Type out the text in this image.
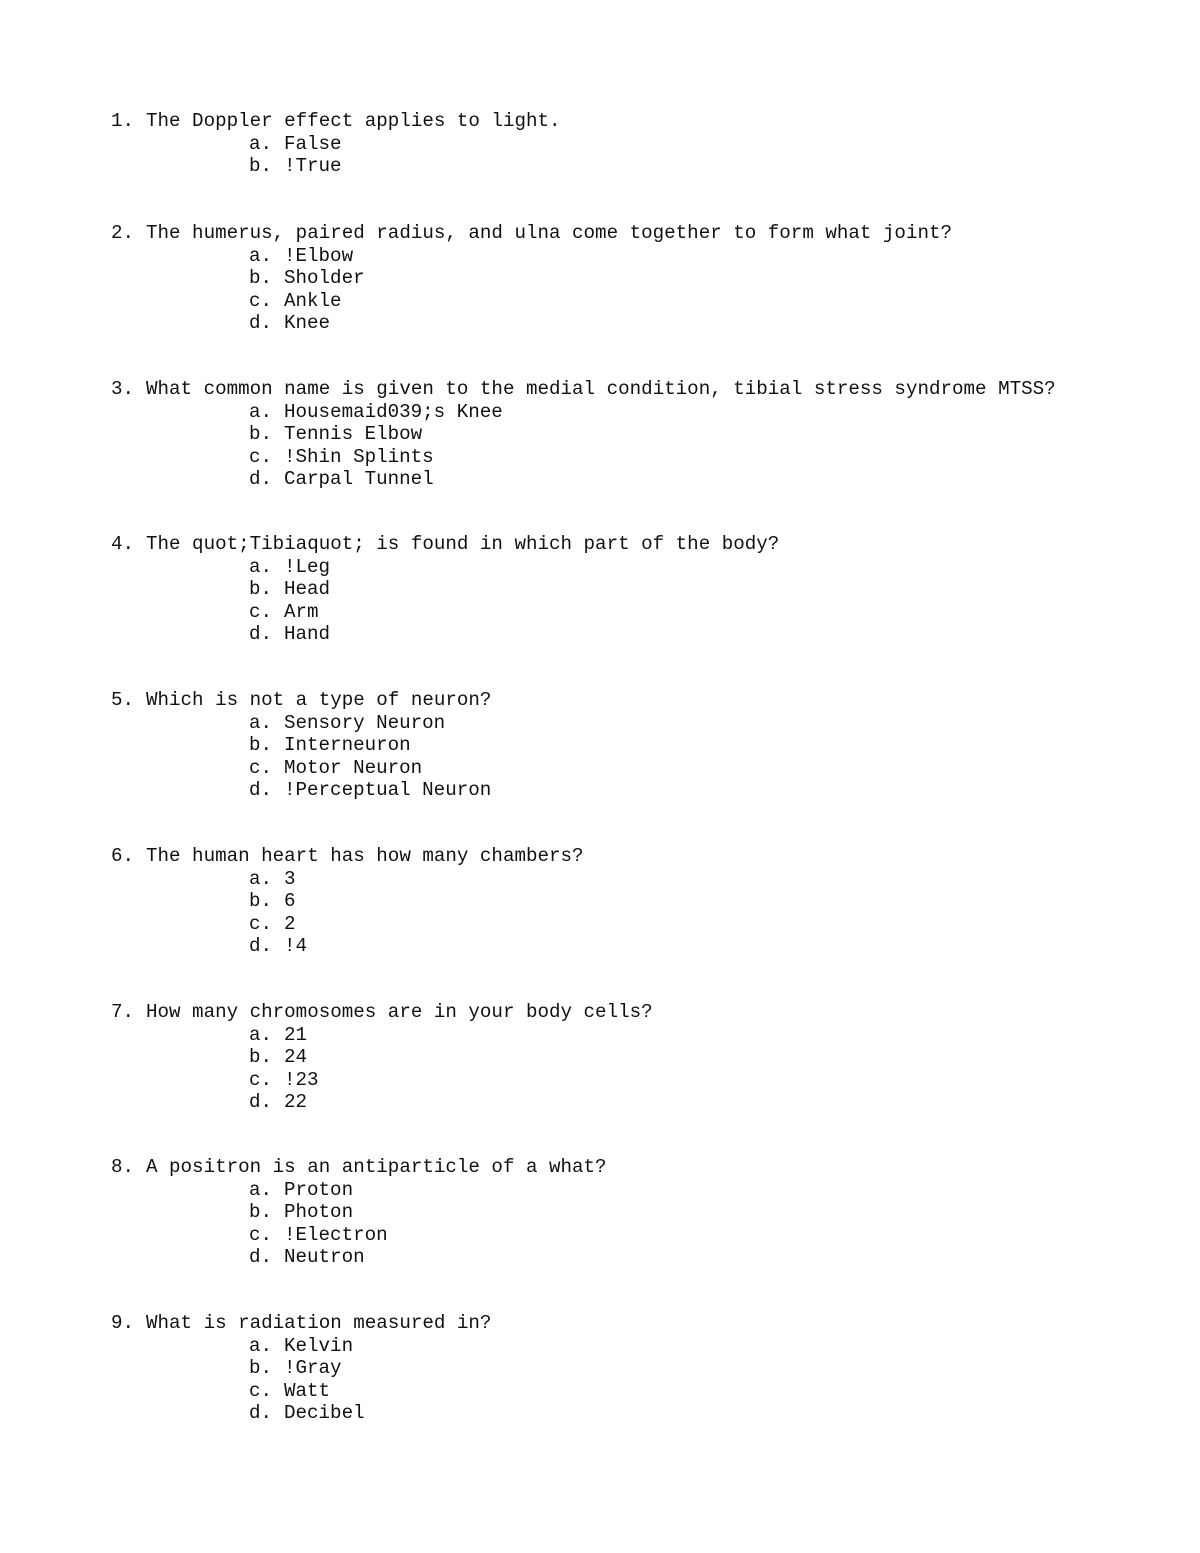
1. The Doppler effect applies to light.
a. False
b. !True
2. The humerus, paired radius, and ulna come together to form what joint?
a. !Elbow
b. Sholder
c. Ankle
d. Knee
3. What common name is given to the medial condition, tibial stress syndrome MTSS?
a. Housemaid039;s Knee
b. Tennis Elbow
c. !Shin Splints
d. Carpal Tunnel
4. The quot;Tibiaquot; is found in which part of the body?
a. !Leg
b. Head
c. Arm
d. Hand
5. Which is not a type of neuron?
a. Sensory Neuron
b. Interneuron
c. Motor Neuron
d. !Perceptual Neuron
6. The human heart has how many chambers?
a. 3
b. 6
c. 2
d. !4
7. How many chromosomes are in your body cells?
a. 21
b. 24
c. !23
d. 22
8. A positron is an antiparticle of a what?
a. Proton
b. Photon
c. !Electron
d. Neutron
9. What is radiation measured in?
a. Kelvin
b. !Gray
c. Watt
d. Decibel
